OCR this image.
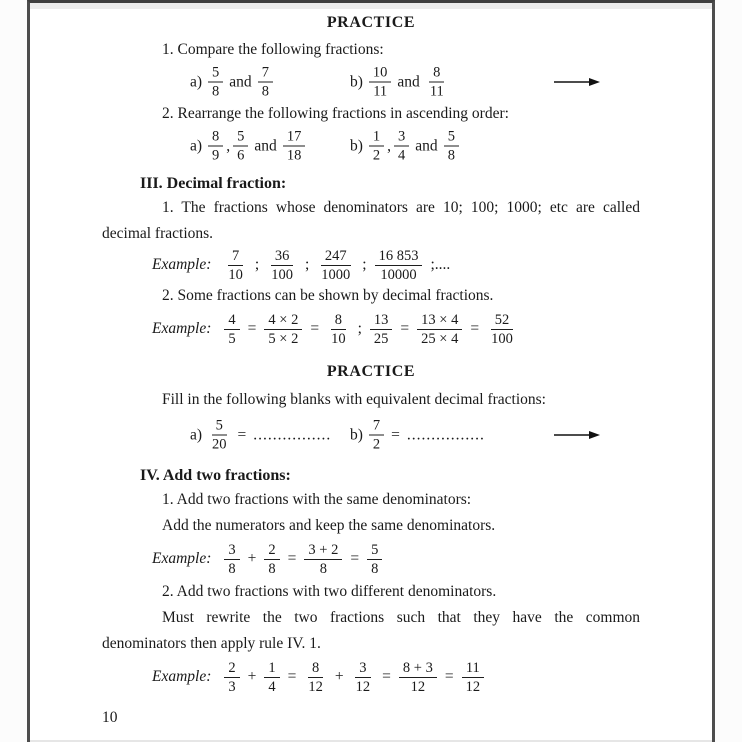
PRACTICE

1. Compare the following fractions:

$a) \frac{5}{8}$ and $\frac{7}{8}$	$b) \frac{10}{11}$ and $\frac{8}{11}$

2. Rearrange the following fractions in ascending order:

$a) \frac{8}{9}$ , $\frac{5}{6}$ and $\frac{17}{18}$	$b) \frac{1}{2}$ , $\frac{3}{4}$ and $\frac{5}{8}$

III. Decimal fraction:

1. The fractions whose denominators are 10; 100; 1000; etc are called
decimal fractions.

Example: $\frac{7}{10}$ ; $\frac{36}{100}$ ; $\frac{247}{1000}$ ; $\frac{16 853}{10000}$ ;....

2. Some fractions can be shown by decimal fractions.

Example: $\frac{4}{5} = \frac{4 \times 2}{5 \times 2} = \frac{8}{10}$ ; $\frac{13}{25} = \frac{13 \times 4}{25 \times 4} = \frac{52}{100}$

PRACTICE

Fill in the following blanks with equivalent decimal fractions:

$a) \frac{5}{20}$ = ................ $b) \frac{7}{2}$ = ................

IV. Add two fractions:

1. Add two fractions with the same denominators:

Add the numerators and keep the same denominators.

Example: $\frac{3}{8} + \frac{2}{8} = \frac{3 + 2}{8} = \frac{5}{8}$

2. Add two fractions with two different denominators.

Must rewrite the two fractions such that they have the common
denominators then apply rule IV. 1.

Example: $\frac{2}{3} + \frac{1}{4} = \frac{8}{12} + \frac{3}{12} = \frac{8 + 3}{12} = \frac{11}{12}$

10
